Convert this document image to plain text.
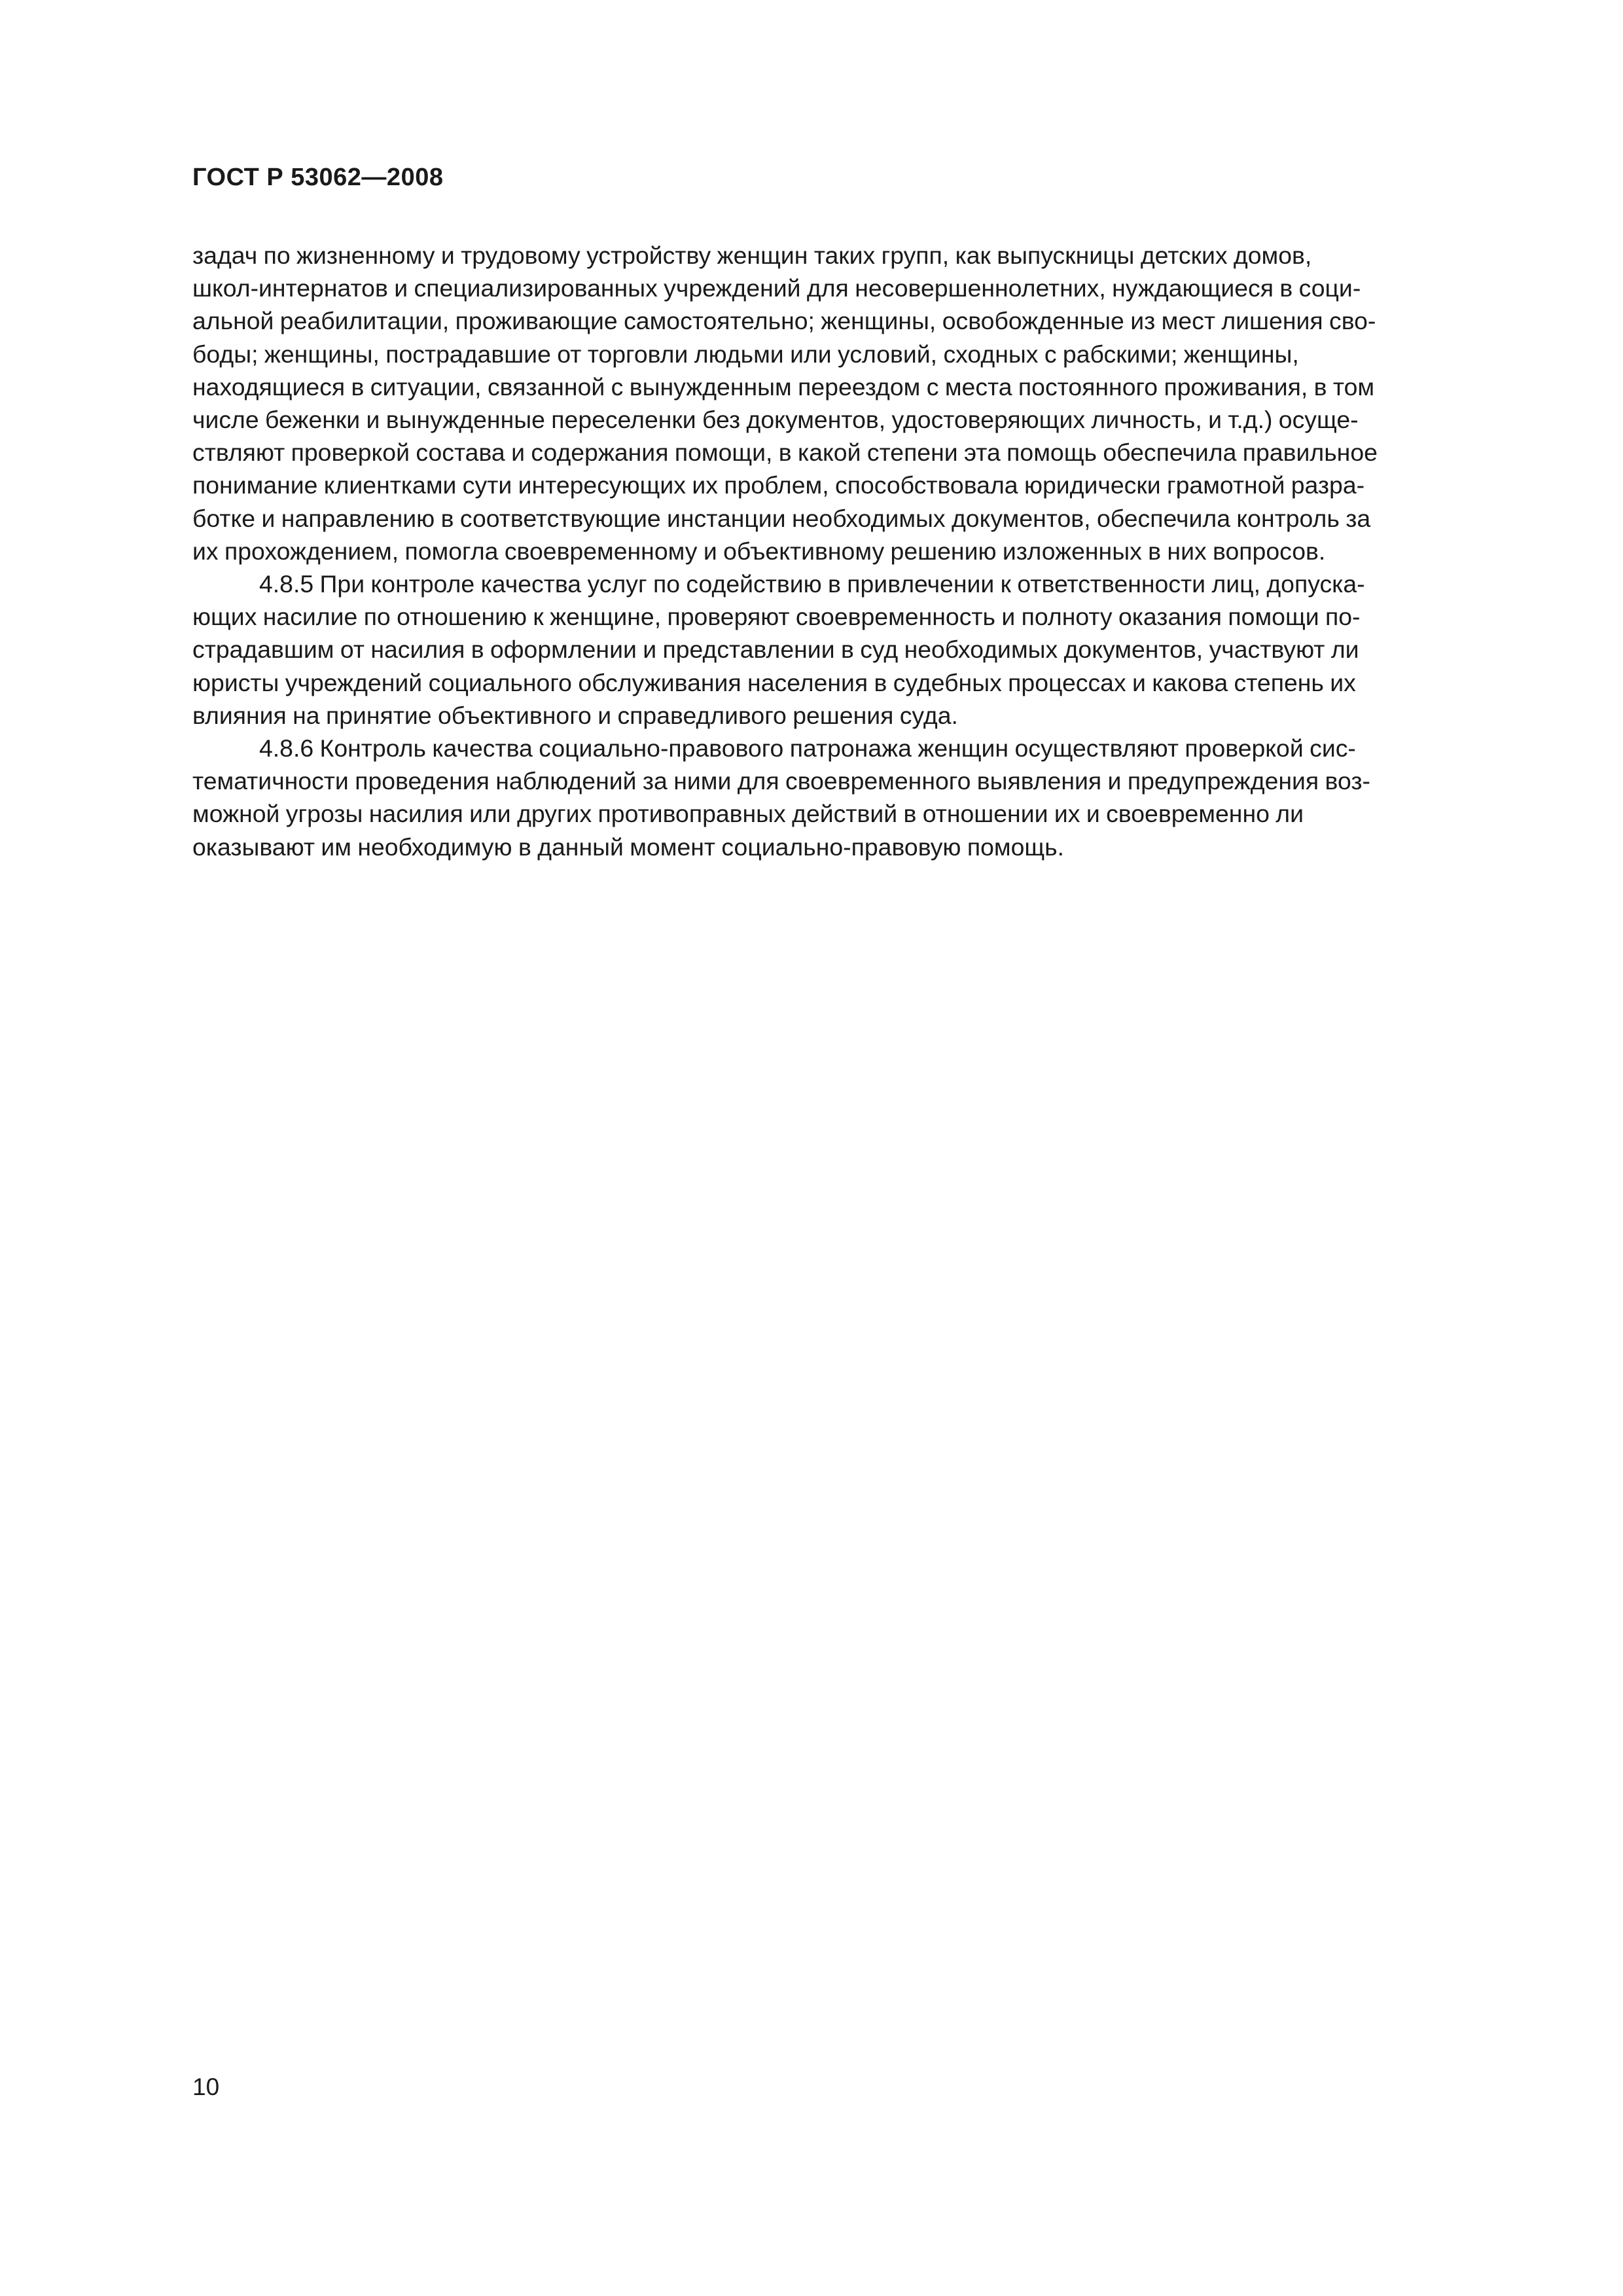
ГОСТ Р 53062—2008

задач по жизненному и трудовому устройству женщин таких групп, как выпускницы детских домов,
школ-интернатов и специализированных учреждений для несовершеннолетних, нуждающиеся в соци-
альной реабилитации, проживающие самостоятельно; женщины, освобожденные из мест лишения сво-
боды; женщины, пострадавшие от торговли людьми или условий, сходных с рабскими; женщины,
находящиеся в ситуации, связанной с вынужденным переездом с места постоянного проживания, в том
числе беженки и вынужденные переселенки без документов, удостоверяющих личность, и т.д.) осуще-
ствляют проверкой состава и содержания помощи, в какой степени эта помощь обеспечила правильное
понимание клиентками сути интересующих их проблем, способствовала юридически грамотной разра-
ботке и направлению в соответствующие инстанции необходимых документов, обеспечила контроль за
их прохождением, помогла своевременному и объективному решению изложенных в них вопросов.

4.8.5 При контроле качества услуг по содействию в привлечении к ответственности лиц, допуска-
ющих насилие по отношению к женщине, проверяют своевременность и полноту оказания помощи по-
страдавшим от насилия в оформлении и представлении в суд необходимых документов, участвуют ли
юристы учреждений социального обслуживания населения в судебных процессах и какова степень их
влияния на принятие объективного и справедливого решения суда.

4.8.6 Контроль качества социально-правового патронажа женщин осуществляют проверкой сис-
тематичности проведения наблюдений за ними для своевременного выявления и предупреждения воз-
можной угрозы насилия или других противоправных действий в отношении их и своевременно ли
оказывают им необходимую в данный момент социально-правовую помощь.

10
